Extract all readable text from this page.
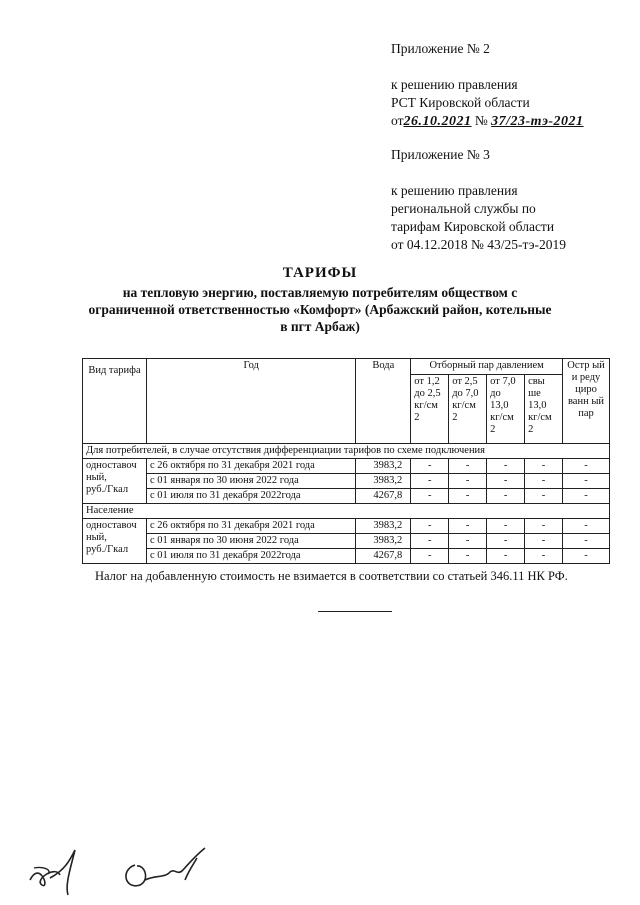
Приложение № 2
к решению правления
РСТ Кировской области
от26.10.2021 № 37/23-тэ-2021
Приложение № 3
к решению правления
региональной службы по
тарифам Кировской области
от 04.12.2018 № 43/25-тэ-2019
ТАРИФЫ
на тепловую энергию, поставляемую потребителям обществом с
ограниченной ответственностью «Комфорт» (Арбажский район, котельные
в пгт Арбаж)
Вид тарифа	Год	Вода	Отборный пар давлением				Остр ый и реду циро ванн ый пар
			от 1,2 до 2,5 кг/см 2	от 2,5 до 7,0 кг/см 2	от 7,0 до 13,0 кг/см 2	свы ше 13,0 кг/см 2	
Для потребителей, в случае отсутствия дифференциации тарифов по схеме подключения							

одноставоч
ный,
руб./Гкал	с 26 октября по 31 декабря 2021 года	3983,2	-	-	-	-	-
	с 01 января по 30 июня 2022 года	3983,2	-	-	-	-	-
	с 01 июля по 31 декабря 2022года	4267,8	-	-	-	-	-
Население							

одноставоч
ный,
руб./Гкал	с 26 октября по 31 декабря 2021 года	3983,2	-	-	-	-	-
	с 01 января по 30 июня 2022 года	3983,2	-	-	-	-	-
	с 01 июля по 31 декабря 2022года	4267,8	-	-	-	-	-
Налог на добавленную стоимость не взимается в соответствии со статьей 346.11 НК РФ.
